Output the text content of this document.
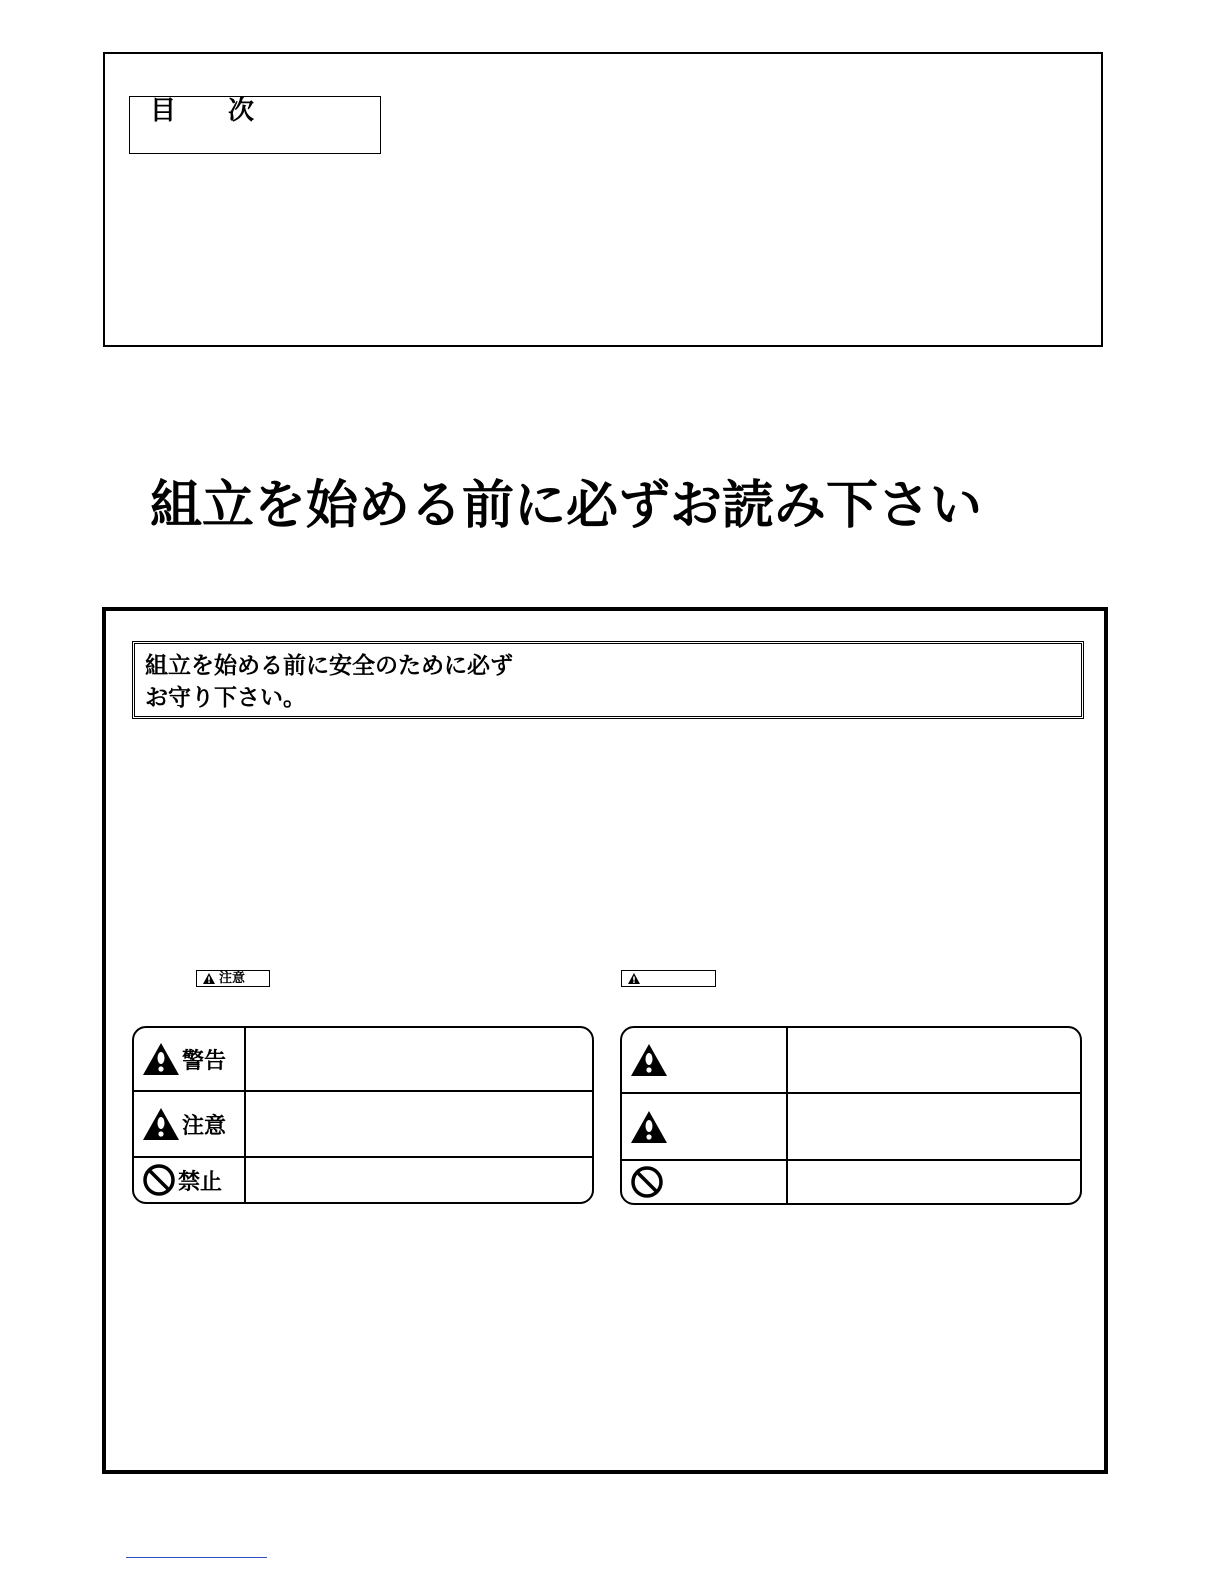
目　　次
組立を始める前に必ずお読み下さい
組立を始める前に安全のために必ず
お守り下さい。
注意
警告
注意
禁止
